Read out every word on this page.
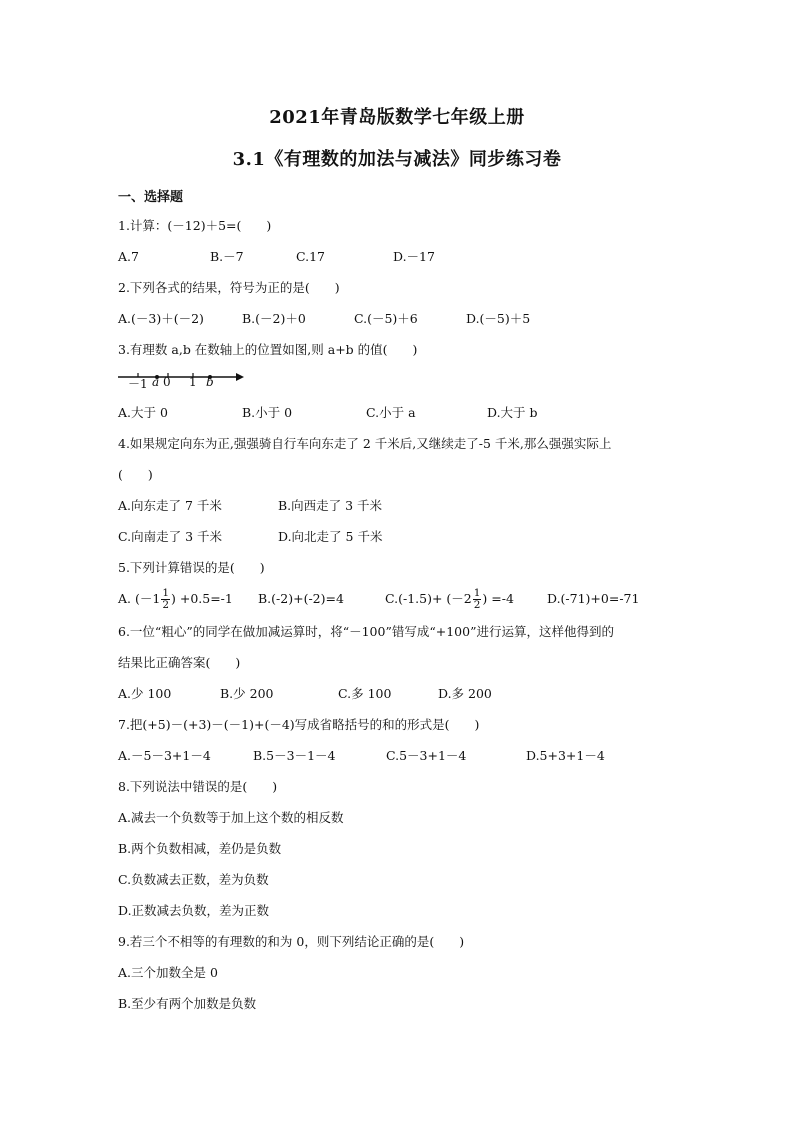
2021年青岛版数学七年级上册
3.1《有理数的加法与减法》同步练习卷
一、选择题
1.计算：(－12)＋5=(　　)
A.7	B.－7	C.17	D.－17
2.下列各式的结果，符号为正的是(　　)
A.(－3)＋(－2)	B.(－2)＋0	C.(－5)＋6	D.(－5)＋5
3.有理数 a,b 在数轴上的位置如图,则 a+b 的值(　　)
－1 a 0 1 b
A.大于 0	B.小于 0	C.小于 a	D.大于 b
4.如果规定向东为正,强强骑自行车向东走了 2 千米后,又继续走了-5 千米,那么强强实际上
(　　)
A.向东走了 7 千米	B.向西走了 3 千米
C.向南走了 3 千米	D.向北走了 5 千米
5.下列计算错误的是(　　)
A. ($-1 \frac{1}{2}$ ) +0.5=-1	B.(-2)+(-2)=4	$C.(-1.5)+ (-2 \frac{1}{2}$ ) =-4	D.(-71)+0=-71
6.一位“粗心”的同学在做加减运算时，将“－100”错写成“+100”进行运算，这样他得到的
结果比正确答案(　　)
A.少 100	B.少 200	C.多 100	D.多 200
7.把(+5)－(+3)－(－1)+(－4)写成省略括号的和的形式是(　　)
A.－5－3+1－4	B.5－3－1－4	C.5－3+1－4	D.5+3+1－4
8.下列说法中错误的是(　　)
A.减去一个负数等于加上这个数的相反数
B.两个负数相减，差仍是负数
C.负数减去正数，差为负数
D.正数减去负数，差为正数
9.若三个不相等的有理数的和为 0，则下列结论正确的是(　　)
A.三个加数全是 0
B.至少有两个加数是负数
